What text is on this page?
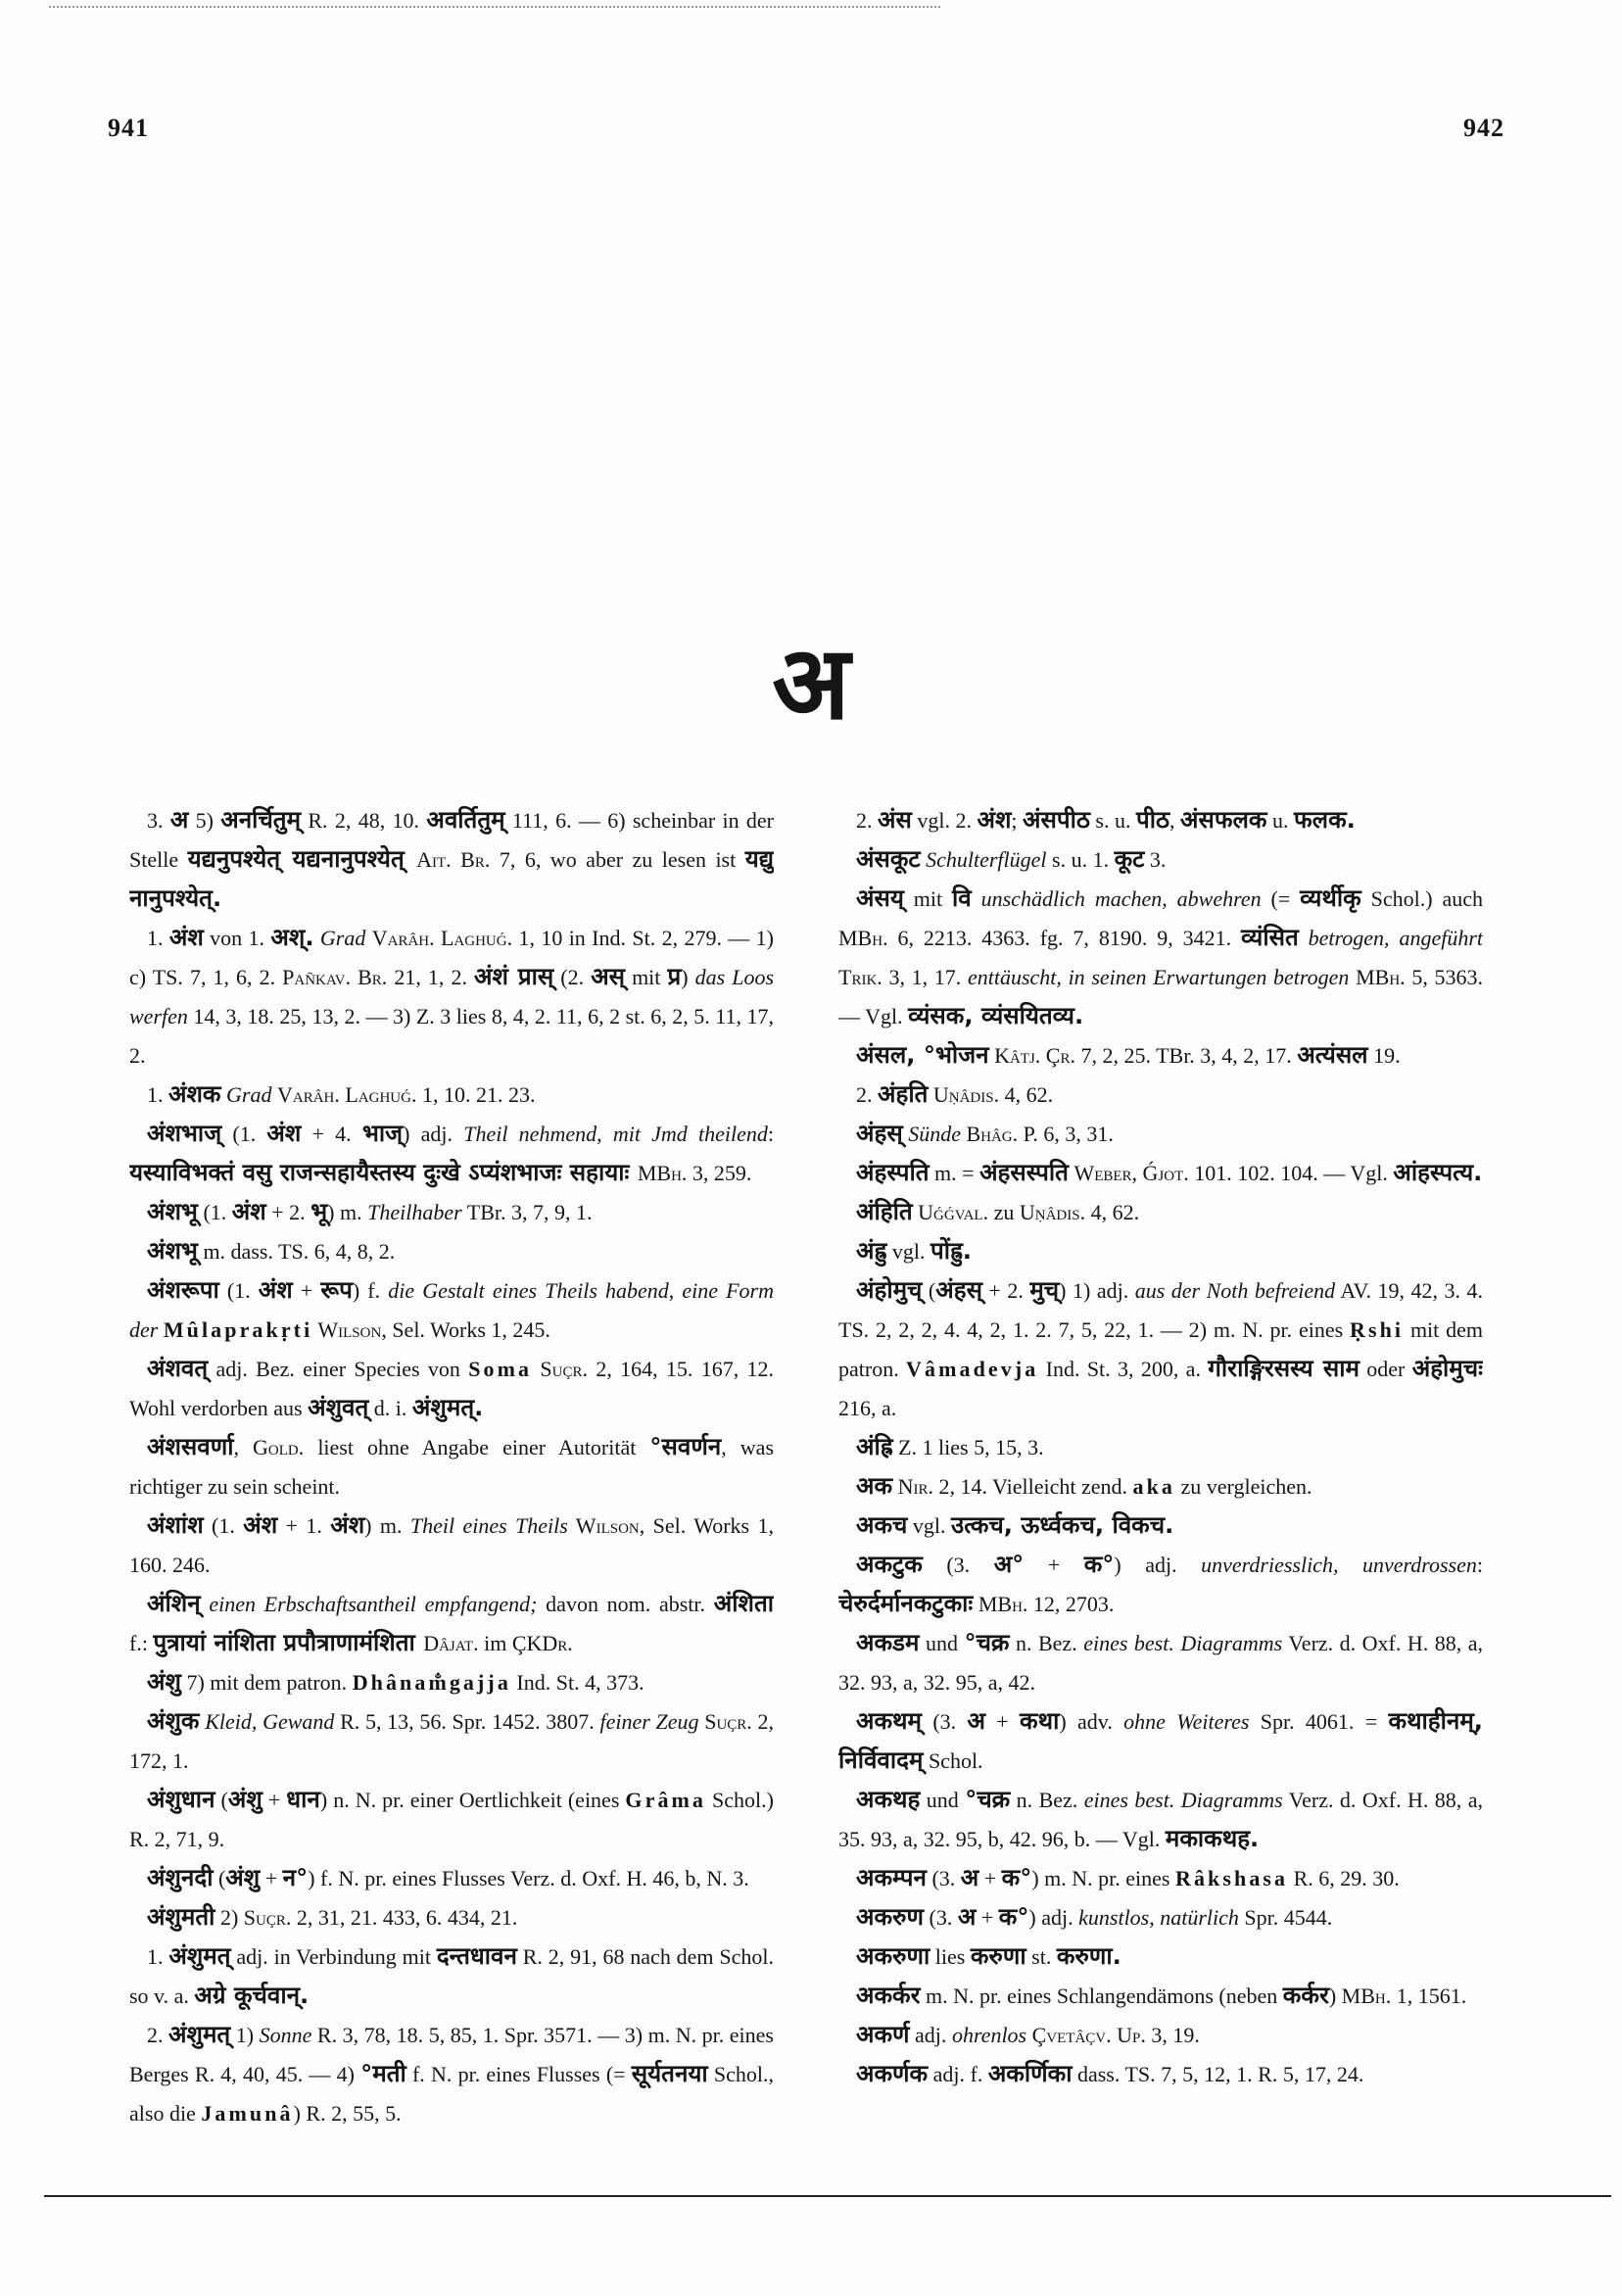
941	942
अ

3. अ 5) अनर्चितुम् R. 2, 48, 10. अवर्तितुम् 111, 6. — 6) scheinbar in der Stelle यद्यनुपश्येत् यद्यनानुपश्येत् Ait. Br. 7, 6, wo aber zu lesen ist यद्यु नानुपश्येत्.

1. अंश von 1. अश्. Grad Varâh. Laghuǵ. 1, 10 in Ind. St. 2, 279. — 1) c) TS. 7, 1, 6, 2. Pañkav. Br. 21, 1, 2. अंशं प्रास् (2. अस् mit प्र) das Loos werfen 14, 3, 18. 25, 13, 2. — 3) Z. 3 lies 8, 4, 2. 11, 6, 2 st. 6, 2, 5. 11, 17, 2.

1. अंशक Grad Varâh. Laghuǵ. 1, 10. 21. 23.

अंशभाज् (1. अंश + 4. भाज्) adj. Theil nehmend, mit Jmd theilend: यस्याविभक्तं वसु राजन्सहायैस्तस्य दुःखे ऽप्यंशभाजः सहायाः MBh. 3, 259.

अंशभू (1. अंश + 2. भू) m. Theilhaber TBr. 3, 7, 9, 1.

अंशभू m. dass. TS. 6, 4, 8, 2.

अंशरूपा (1. अंश + रूप) f. die Gestalt eines Theils habend, eine Form der Mûlaprakṛti Wilson, Sel. Works 1, 245.

अंशवत् adj. Bez. einer Species von Soma Suçr. 2, 164, 15. 167, 12. Wohl verdorben aus अंशुवत् d. i. अंशुमत्.

अंशसवर्णा, Gold. liest ohne Angabe einer Autorität °सवर्णन, was richtiger zu sein scheint.

अंशांश (1. अंश + 1. अंश) m. Theil eines Theils Wilson, Sel. Works 1, 160. 246.

अंशिन् einen Erbschaftsantheil empfangend; davon nom. abstr. अंशिता f.: पुत्रायां नांशिता प्रपौत्राणामंशिता Dâjat. im ÇKDr.

अंशु 7) mit dem patron. Dhânam̐gajja Ind. St. 4, 373.

अंशुक Kleid, Gewand R. 5, 13, 56. Spr. 1452. 3807. feiner Zeug Suçr. 2, 172, 1.

अंशुधान (अंशु + धान) n. N. pr. einer Oertlichkeit (eines Grâma Schol.) R. 2, 71, 9.

अंशुनदी (अंशु + न°) f. N. pr. eines Flusses Verz. d. Oxf. H. 46, b, N. 3.

अंशुमती 2) Suçr. 2, 31, 21. 433, 6. 434, 21.

1. अंशुमत् adj. in Verbindung mit दन्तधावन R. 2, 91, 68 nach dem Schol. so v. a. अग्रे कूर्चवान्.

2. अंशुमत् 1) Sonne R. 3, 78, 18. 5, 85, 1. Spr. 3571. — 3) m. N. pr. eines Berges R. 4, 40, 45. — 4) °मती f. N. pr. eines Flusses (= सूर्यतनया Schol., also die Jamunâ) R. 2, 55, 5.

2. अंस vgl. 2. अंश; अंसपीठ s. u. पीठ, अंसफलक u. फलक.

अंसकूट Schulterflügel s. u. 1. कूट 3.

अंसय् mit वि unschädlich machen, abwehren (= व्यर्थीकृ Schol.) auch MBh. 6, 2213. 4363. fg. 7, 8190. 9, 3421. व्यंसित betrogen, angeführt Trik. 3, 1, 17. enttäuscht, in seinen Erwartungen betrogen MBh. 5, 5363. — Vgl. व्यंसक, व्यंसयितव्य.

अंसल, °भोजन Kâtj. Çr. 7, 2, 25. TBr. 3, 4, 2, 17. अत्यंसल 19.

2. अंहति Uṇâdis. 4, 62.

अंहस् Sünde Bhâg. P. 6, 3, 31.

अंहस्पति m. = अंहसस्पति Weber, Ǵjot. 101. 102. 104. — Vgl. आंहस्पत्य.

अंहिति Uǵǵval. zu Uṇâdis. 4, 62.

अंह्रु vgl. पोंह्रु.

अंहोमुच् (अंहस् + 2. मुच्) 1) adj. aus der Noth befreiend AV. 19, 42, 3. 4. TS. 2, 2, 2, 4. 4, 2, 1. 2. 7, 5, 22, 1. — 2) m. N. pr. eines Ṛshi mit dem patron. Vâmadevja Ind. St. 3, 200, a. गौराङ्गिरसस्य साम oder अंहोमुचः 216, a.

अंह्रि Z. 1 lies 5, 15, 3.

अक Nir. 2, 14. Vielleicht zend. aka zu vergleichen.

अकच vgl. उत्कच, ऊर्ध्वकच, विकच.

अकटुक (3. अ° + क°) adj. unverdriesslich, unverdrossen: चेरुर्दर्मानकटुकाः MBh. 12, 2703.

अकडम und °चक्र n. Bez. eines best. Diagramms Verz. d. Oxf. H. 88, a, 32. 93, a, 32. 95, a, 42.

अकथम् (3. अ + कथा) adv. ohne Weiteres Spr. 4061. = कथाहीनम्, निर्विवादम् Schol.

अकथह und °चक्र n. Bez. eines best. Diagramms Verz. d. Oxf. H. 88, a, 35. 93, a, 32. 95, b, 42. 96, b. — Vgl. मकाकथह.

अकम्पन (3. अ + क°) m. N. pr. eines Râkshasa R. 6, 29. 30.

अकरुण (3. अ + क°) adj. kunstlos, natürlich Spr. 4544.

अकरुणा lies करुणा st. करुणा.

अकर्कर m. N. pr. eines Schlangendämons (neben कर्कर) MBh. 1, 1561.

अकर्ण adj. ohrenlos Çvetâçv. Up. 3, 19.

अकर्णक adj. f. अकर्णिका dass. TS. 7, 5, 12, 1. R. 5, 17, 24.
